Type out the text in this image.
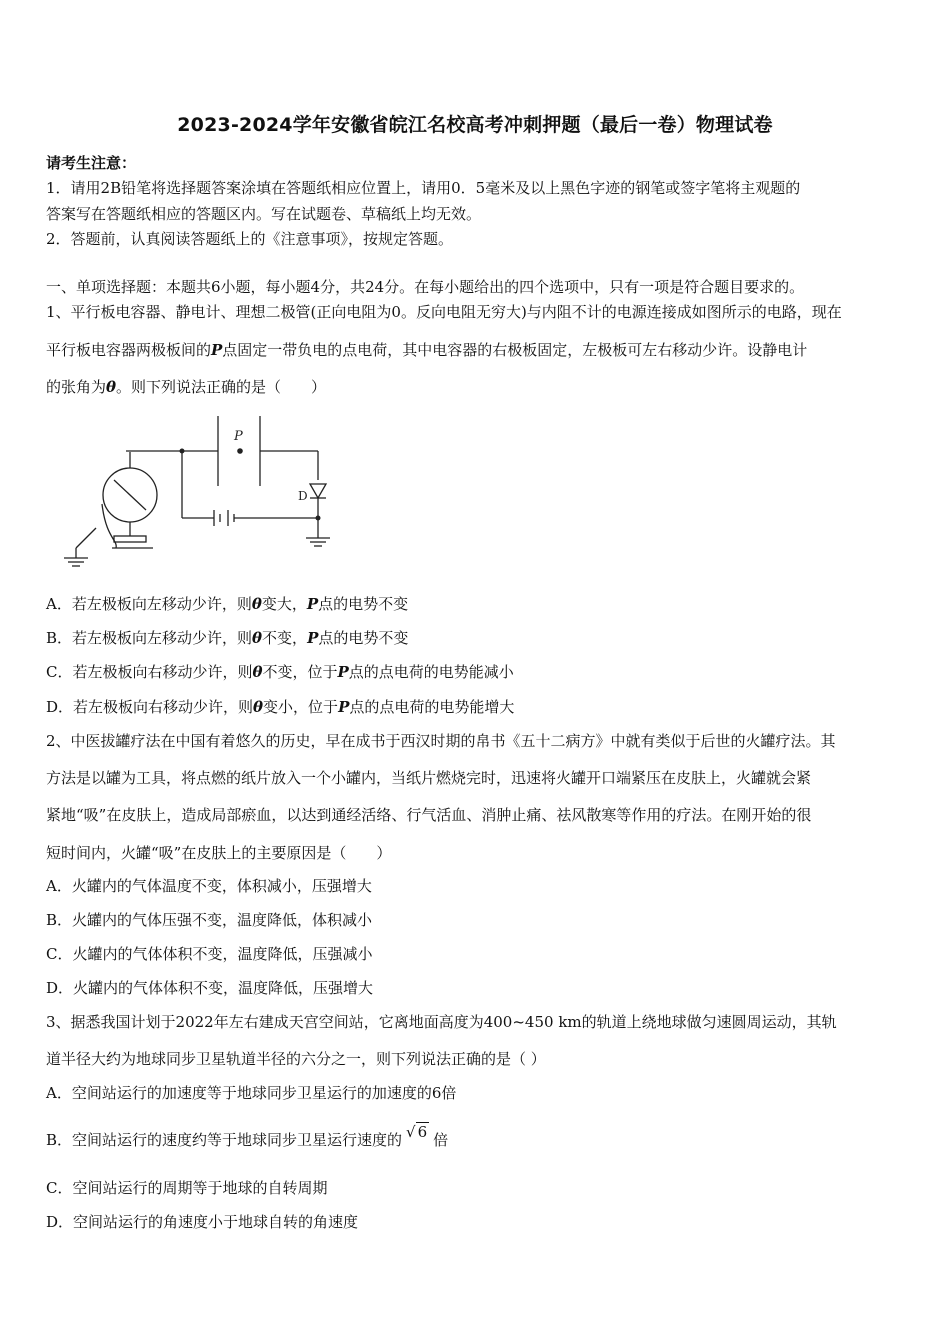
2023-2024学年安徽省皖江名校高考冲刺押题（最后一卷）物理试卷
请考生注意：
1．请用2B铅笔将选择题答案涂填在答题纸相应位置上，请用0．5毫米及以上黑色字迹的钢笔或签字笔将主观题的
答案写在答题纸相应的答题区内。写在试题卷、草稿纸上均无效。
2．答题前，认真阅读答题纸上的《注意事项》，按规定答题。
一、单项选择题：本题共6小题，每小题4分，共24分。在每小题给出的四个选项中，只有一项是符合题目要求的。
1、平行板电容器、静电计、理想二极管(正向电阻为0。反向电阻无穷大)与内阻不计的电源连接成如图所示的电路，现在
平行板电容器两极板间的P点固定一带负电的点电荷，其中电容器的右极板固定，左极板可左右移动少许。设静电计
的张角为θ。则下列说法正确的是（　　）
P
D
A．若左极板向左移动少许，则θ变大，P点的电势不变
B．若左极板向左移动少许，则θ不变，P点的电势不变
C．若左极板向右移动少许，则θ不变，位于P点的点电荷的电势能减小
D．若左极板向右移动少许，则θ变小，位于P点的点电荷的电势能增大
2、中医拔罐疗法在中国有着悠久的历史，早在成书于西汉时期的帛书《五十二病方》中就有类似于后世的火罐疗法。其
方法是以罐为工具，将点燃的纸片放入一个小罐内，当纸片燃烧完时，迅速将火罐开口端紧压在皮肤上，火罐就会紧
紧地“吸”在皮肤上，造成局部瘀血，以达到通经活络、行气活血、消肿止痛、祛风散寒等作用的疗法。在刚开始的很
短时间内，火罐“吸”在皮肤上的主要原因是（　　）
A．火罐内的气体温度不变，体积减小，压强增大
B．火罐内的气体压强不变，温度降低，体积减小
C．火罐内的气体体积不变，温度降低，压强减小
D．火罐内的气体体积不变，温度降低，压强增大
3、据悉我国计划于2022年左右建成天宫空间站，它离地面高度为400~450 km的轨道上绕地球做匀速圆周运动，其轨
道半径大约为地球同步卫星轨道半径的六分之一，则下列说法正确的是（ ）
A．空间站运行的加速度等于地球同步卫星运行的加速度的6倍
B．空间站运行的速度约等于地球同步卫星运行速度的 √ 6 倍
C．空间站运行的周期等于地球的自转周期
D．空间站运行的角速度小于地球自转的角速度
